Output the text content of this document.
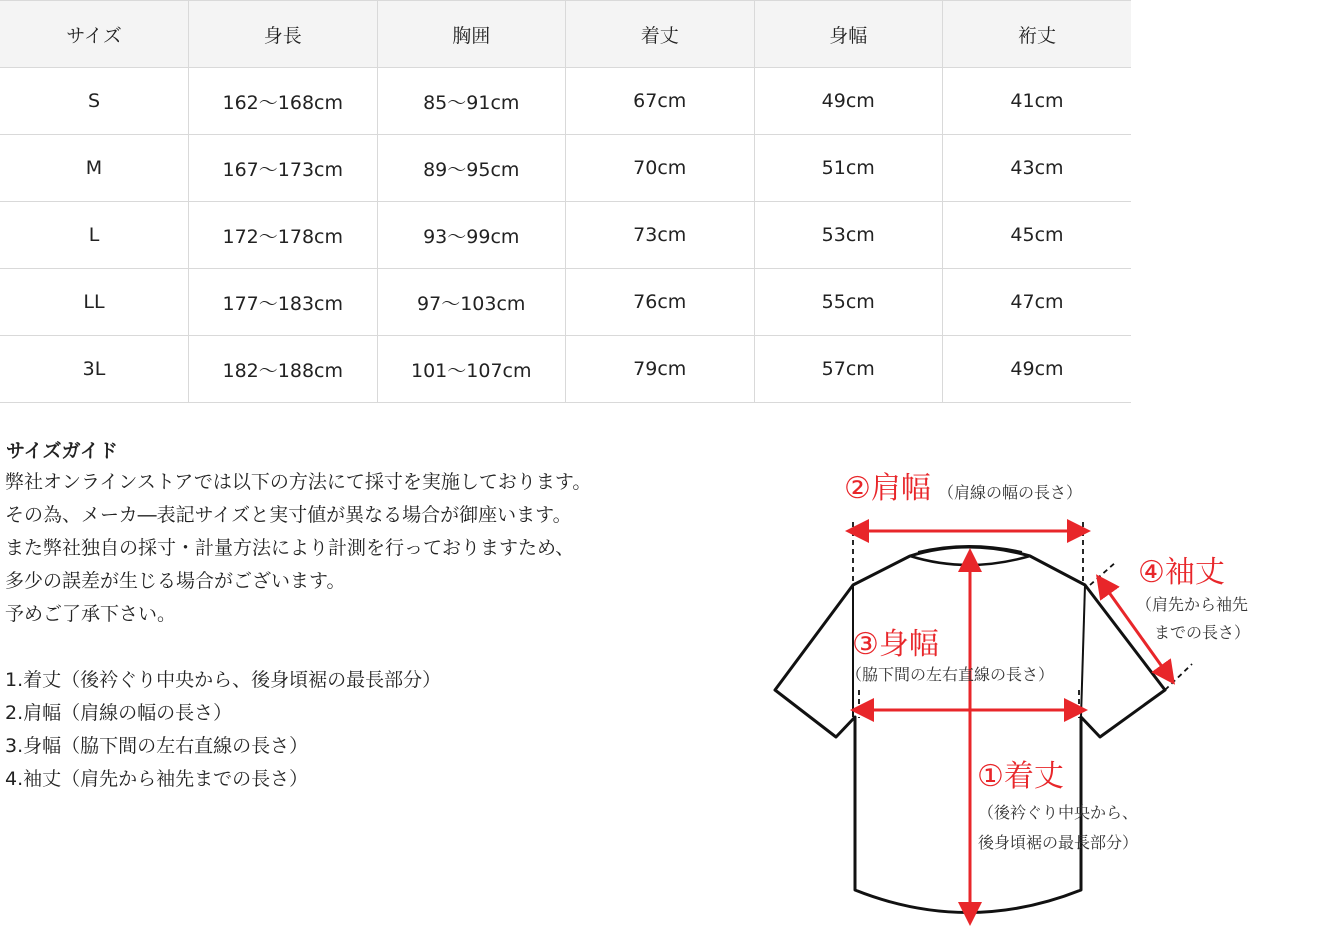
サイズ	身長	胸囲	着丈	身幅	裄丈
S	162〜168cm	85〜91cm	67cm	49cm	41cm
M	167〜173cm	89〜95cm	70cm	51cm	43cm
L	172〜178cm	93〜99cm	73cm	53cm	45cm
LL	177〜183cm	97〜103cm	76cm	55cm	47cm
3L	182〜188cm	101〜107cm	79cm	57cm	49cm
サイズガイド

弊社オンラインストアでは以下の方法にて採寸を実施しております。

その為、メーカ―表記サイズと実寸値が異なる場合が御座います。

また弊社独自の採寸・計量方法により計測を行っておりますため、

多少の誤差が生じる場合がございます。

予めご了承下さい。

1.着丈（後衿ぐり中央から、後身頃裾の最長部分）

2.肩幅（肩線の幅の長さ）

3.身幅（脇下間の左右直線の長さ）

4.袖丈（肩先から袖先までの長さ）

②肩幅 （肩線の幅の長さ）
④袖丈
（肩先から袖先
までの長さ）
③身幅
（脇下間の左右直線の長さ）
①着丈
（後衿ぐり中央から、
後身頃裾の最長部分）
